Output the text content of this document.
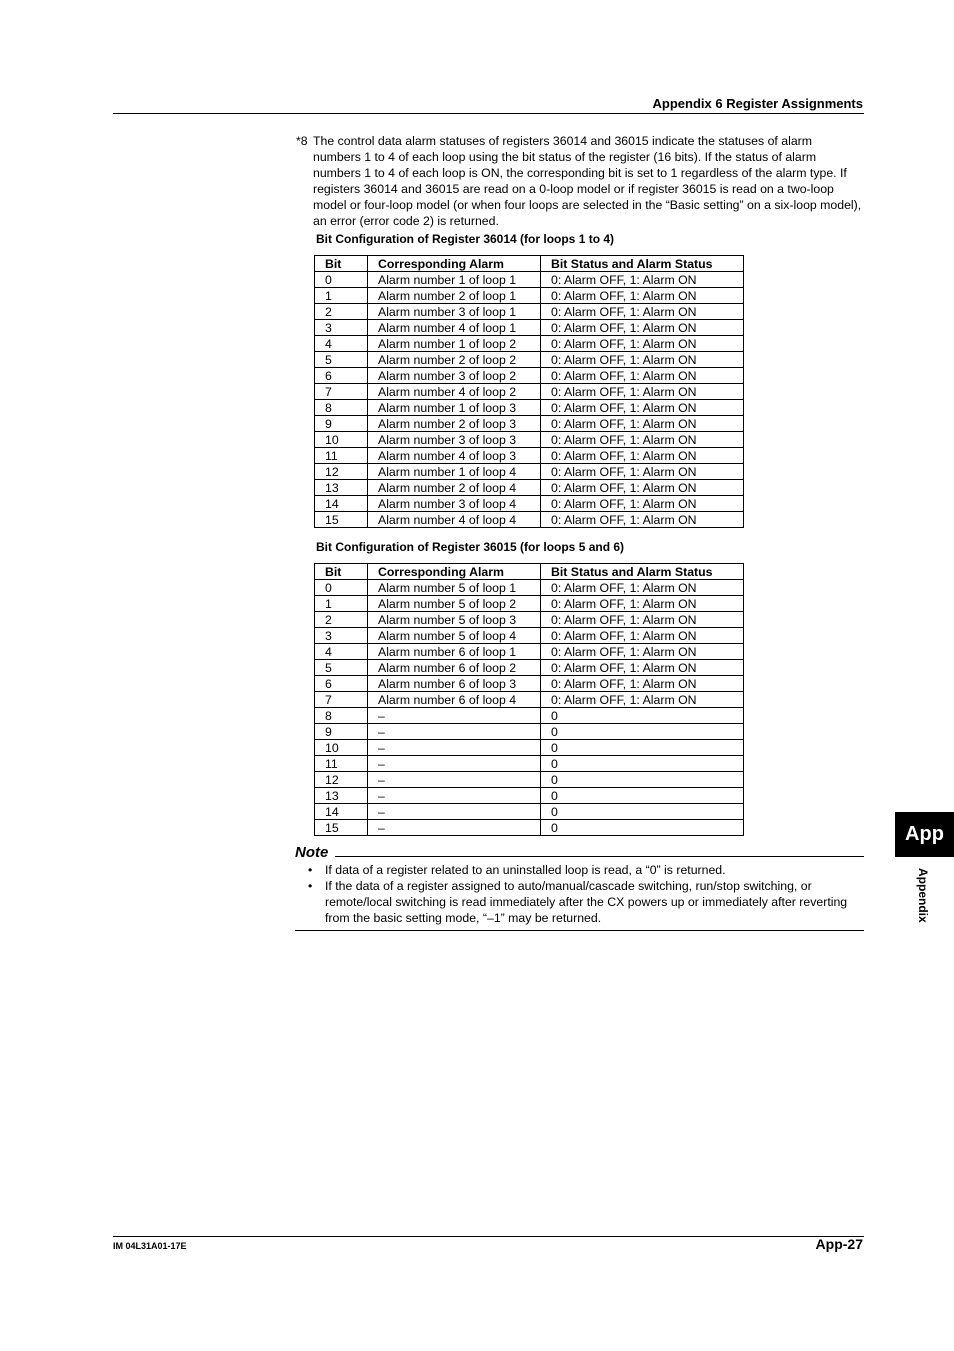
Appendix 6 Register Assignments
*8 The control data alarm statuses of registers 36014 and 36015 indicate the statuses of alarm numbers 1 to 4 of each loop using the bit status of the register (16 bits). If the status of alarm numbers 1 to 4 of each loop is ON, the corresponding bit is set to 1 regardless of the alarm type. If registers 36014 and 36015 are read on a 0-loop model or if register 36015 is read on a two-loop model or four-loop model (or when four loops are selected in the “Basic setting” on a six-loop model), an error (error code 2) is returned.
Bit Configuration of Register 36014 (for loops 1 to 4)
Bit	Corresponding Alarm	Bit Status and Alarm Status
0	Alarm number 1 of loop 1	0: Alarm OFF, 1: Alarm ON
1	Alarm number 2 of loop 1	0: Alarm OFF, 1: Alarm ON
2	Alarm number 3 of loop 1	0: Alarm OFF, 1: Alarm ON
3	Alarm number 4 of loop 1	0: Alarm OFF, 1: Alarm ON
4	Alarm number 1 of loop 2	0: Alarm OFF, 1: Alarm ON
5	Alarm number 2 of loop 2	0: Alarm OFF, 1: Alarm ON
6	Alarm number 3 of loop 2	0: Alarm OFF, 1: Alarm ON
7	Alarm number 4 of loop 2	0: Alarm OFF, 1: Alarm ON
8	Alarm number 1 of loop 3	0: Alarm OFF, 1: Alarm ON
9	Alarm number 2 of loop 3	0: Alarm OFF, 1: Alarm ON
10	Alarm number 3 of loop 3	0: Alarm OFF, 1: Alarm ON
11	Alarm number 4 of loop 3	0: Alarm OFF, 1: Alarm ON
12	Alarm number 1 of loop 4	0: Alarm OFF, 1: Alarm ON
13	Alarm number 2 of loop 4	0: Alarm OFF, 1: Alarm ON
14	Alarm number 3 of loop 4	0: Alarm OFF, 1: Alarm ON
15	Alarm number 4 of loop 4	0: Alarm OFF, 1: Alarm ON
Bit Configuration of Register 36015 (for loops 5 and 6)
Bit	Corresponding Alarm	Bit Status and Alarm Status
0	Alarm number 5 of loop 1	0: Alarm OFF, 1: Alarm ON
1	Alarm number 5 of loop 2	0: Alarm OFF, 1: Alarm ON
2	Alarm number 5 of loop 3	0: Alarm OFF, 1: Alarm ON
3	Alarm number 5 of loop 4	0: Alarm OFF, 1: Alarm ON
4	Alarm number 6 of loop 1	0: Alarm OFF, 1: Alarm ON
5	Alarm number 6 of loop 2	0: Alarm OFF, 1: Alarm ON
6	Alarm number 6 of loop 3	0: Alarm OFF, 1: Alarm ON
7	Alarm number 6 of loop 4	0: Alarm OFF, 1: Alarm ON
8	–	0
9	–	0
10	–	0
11	–	0
12	–	0
13	–	0
14	–	0
15	–	0
Note
• If data of a register related to an uninstalled loop is read, a “0” is returned.
• If the data of a register assigned to auto/manual/cascade switching, run/stop switching, or remote/local switching is read immediately after the CX powers up or immediately after reverting from the basic setting mode, “–1” may be returned.
App
Appendix
IM 04L31A01-17E	App-27
